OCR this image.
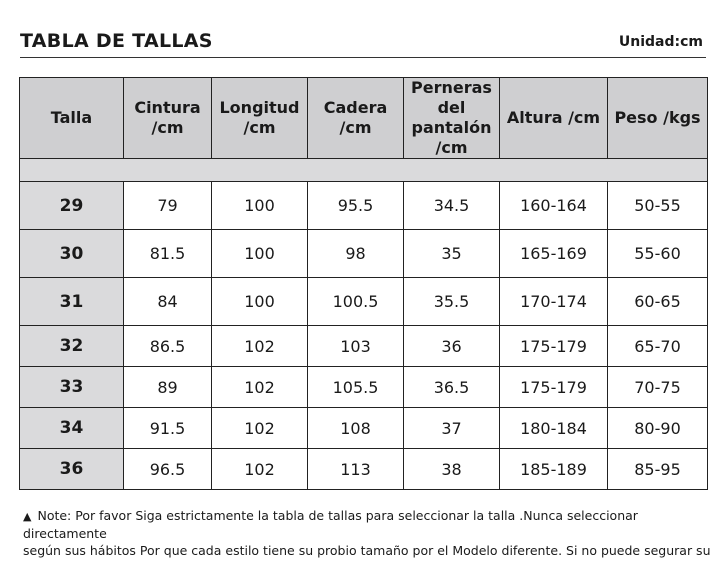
TABLA DE TALLAS	Unidad:cm
Talla	Cintura /cm	Longitud /cm	Cadera /cm	Perneras del pantalón /cm	Altura /cm	Peso /kgs

29	79	100	95.5	34.5	160-164	50-55
30	81.5	100	98	35	165-169	55-60
31	84	100	100.5	35.5	170-174	60-65
32	86.5	102	103	36	175-179	65-70
33	89	102	105.5	36.5	175-179	70-75
34	91.5	102	108	37	180-184	80-90
36	96.5	102	113	38	185-189	85-95
▲ Note: Por favor Siga estrictamente la tabla de tallas para seleccionar la talla .Nunca seleccionar directamente
según sus hábitos Por que cada estilo tiene su probio tamaño por el Modelo diferente. Si no puede segurar su
